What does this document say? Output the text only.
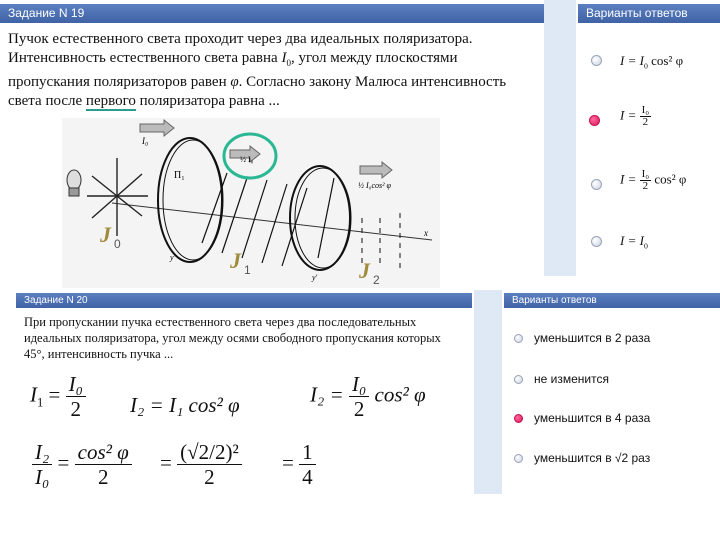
Задание N 19	Варианты ответов
Пучок естественного света проходит через два идеальных поляризатора. Интенсивность естественного света равна $I_0$, угол между плоскостями пропускания поляризаторов равен φ. Согласно закону Малюса интенсивность света после первого поляризатора равна ...
$I = I_0$ cos² φ
$I = \frac{\text{I₀}}{2}$
$I = \frac{\text{I₀}}{2} \cos^2$ φ
$I = I_0$
I₀
П₁
½ I₀
½ I₀cos² φ
x
y'
y'
J 0
J 1	J 2
Задание N 20	Варианты ответов
При пропускании пучка естественного света через два последовательных идеальных поляризатора, угол между осями свободного пропускания которых 45°, интенсивность пучка ...
уменьшится в 2 раза
не изменится
уменьшится в 4 раза
уменьшится в √2 раз
$I_1 = \frac{\text{I₀}}{2} I_2 = I_1$ cos² φ	$I_2 = \frac{\text{I₀}}{2} \cos^2$ φ
$\frac{\text{I₂}}{\text{I₀}} = \frac{\text{cos² φ}}{2} = \frac{\text{(√2/2)²}}{2} = \frac{1}{4}$
